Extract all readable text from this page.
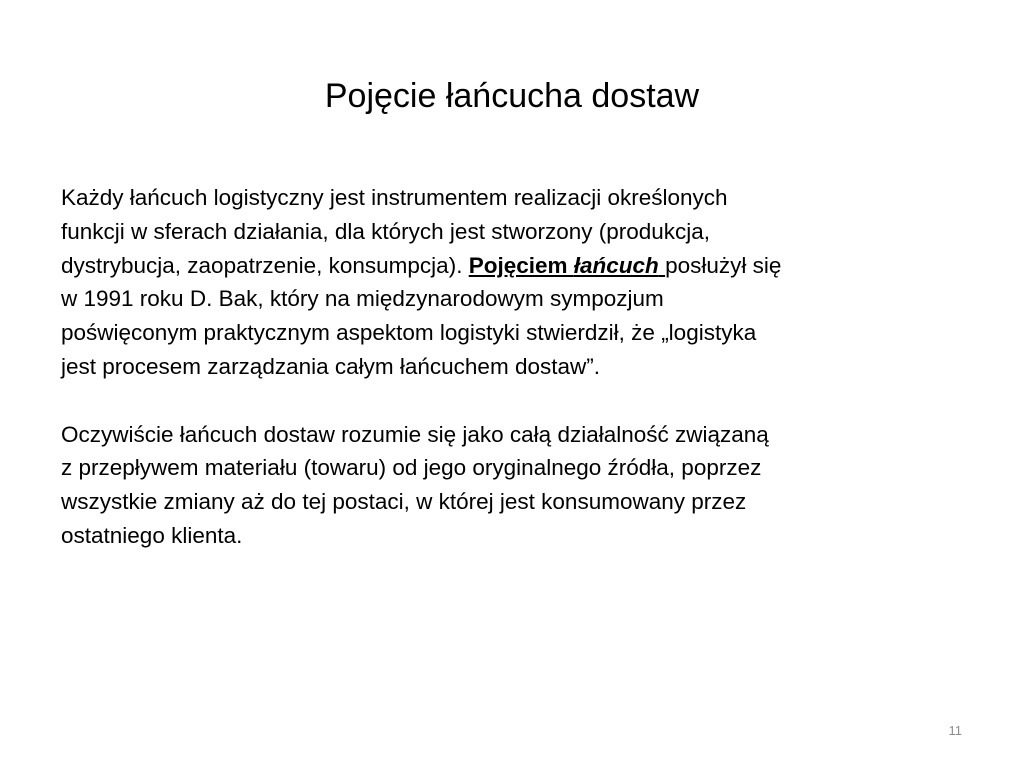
Pojęcie łańcucha dostaw
Każdy łańcuch logistyczny jest instrumentem realizacji określonych
funkcji w sferach działania, dla których jest stworzony (produkcja,
dystrybucja, zaopatrzenie, konsumpcja). Pojęciem łańcuch posłużył się
w 1991 roku D. Bak, który na międzynarodowym sympozjum
poświęconym praktycznym aspektom logistyki stwierdził, że „logistyka
jest procesem zarządzania całym łańcuchem dostaw”.
Oczywiście łańcuch dostaw rozumie się jako całą działalność związaną
z przepływem materiału (towaru) od jego oryginalnego źródła, poprzez
wszystkie zmiany aż do tej postaci, w której jest konsumowany przez
ostatniego klienta.
11
